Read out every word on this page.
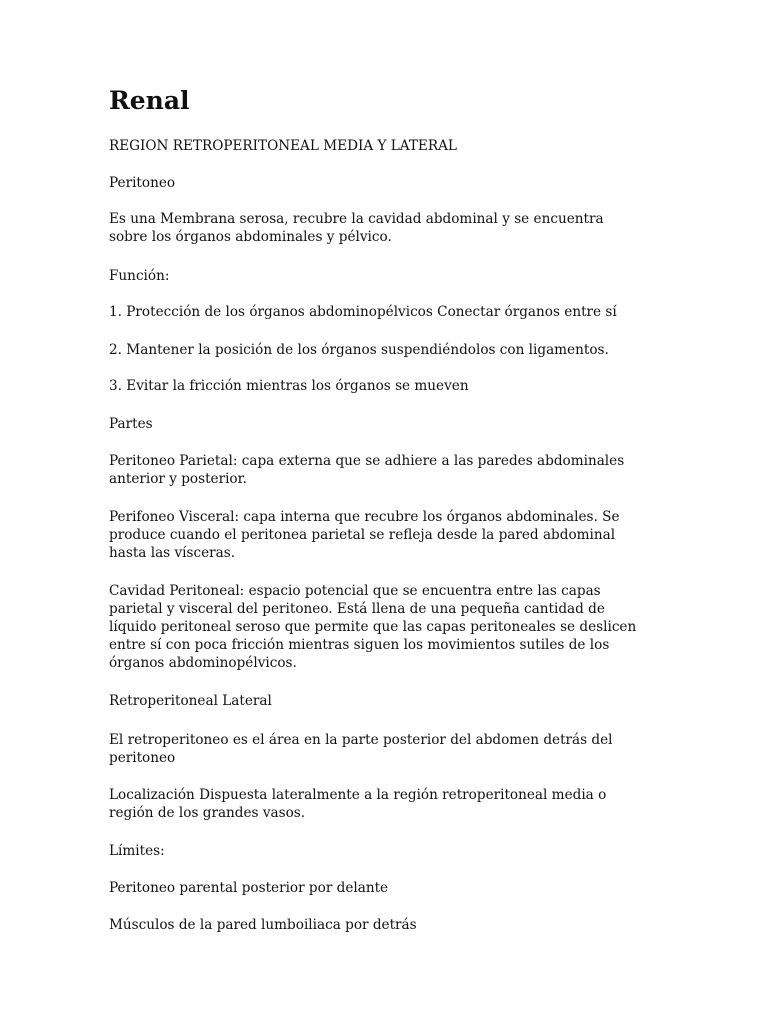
Renal

REGION RETROPERITONEAL MEDIA Y LATERAL

Peritoneo

Es una Membrana serosa, recubre la cavidad abdominal y se encuentra
sobre los órganos abdominales y pélvico.

Función:

1. Protección de los órganos abdominopélvicos Conectar órganos entre sí

2. Mantener la posición de los órganos suspendiéndolos con ligamentos.

3. Evitar la fricción mientras los órganos se mueven

Partes

Peritoneo Parietal: capa externa que se adhiere a las paredes abdominales
anterior y posterior.

Perifoneo Visceral: capa interna que recubre los órganos abdominales. Se
produce cuando el peritonea parietal se refleja desde la pared abdominal
hasta las vísceras.

Cavidad Peritoneal: espacio potencial que se encuentra entre las capas
parietal y visceral del peritoneo. Está llena de una pequeña cantidad de
líquido peritoneal seroso que permite que las capas peritoneales se deslicen
entre sí con poca fricción mientras siguen los movimientos sutiles de los
órganos abdominopélvicos.

Retroperitoneal Lateral

El retroperitoneo es el área en la parte posterior del abdomen detrás del
peritoneo

Localización Dispuesta lateralmente a la región retroperitoneal media o
región de los grandes vasos.

Límites:

Peritoneo parental posterior por delante

Músculos de la pared lumboiliaca por detrás
